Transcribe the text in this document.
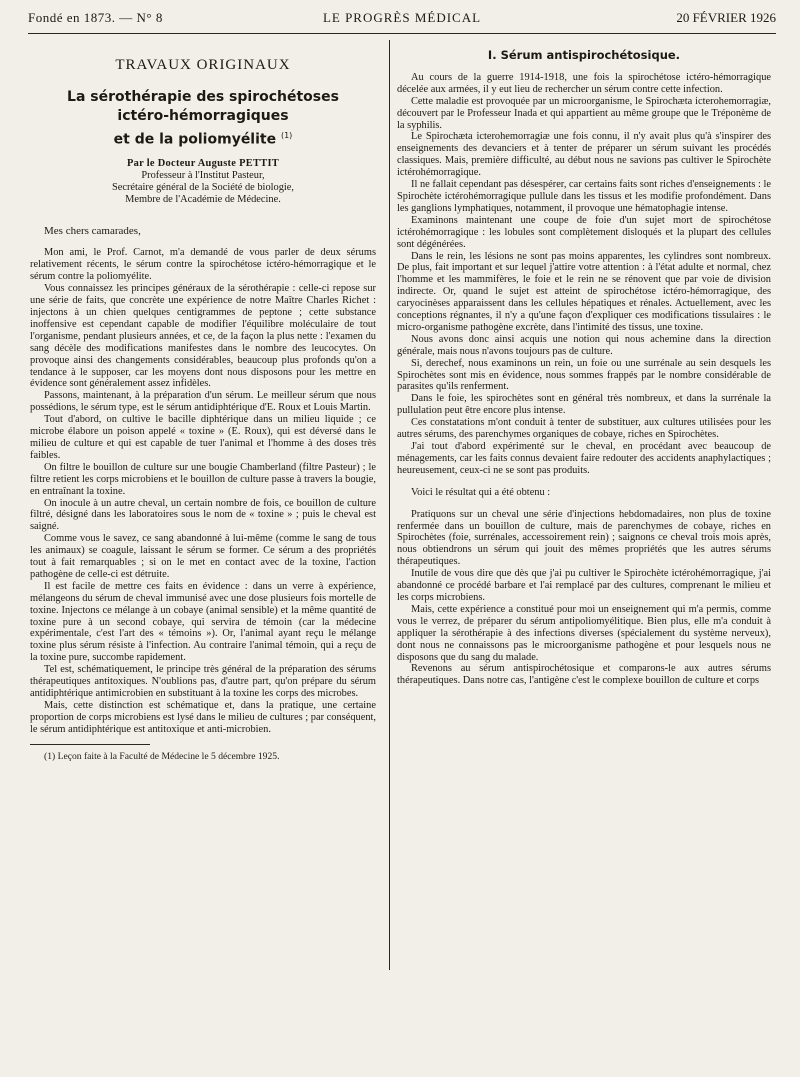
Fondé en 1873. — N° 8	LE PROGRÈS MÉDICAL	20 FÉVRIER 1926
TRAVAUX ORIGINAUX
La sérothérapie des spirochétoses
ictéro-hémorragiques
et de la poliomyélite $^{(1)}$
Par le Docteur Auguste PETTIT
Professeur à l'Institut Pasteur,
Secrétaire général de la Société de biologie,
Membre de l'Académie de Médecine.
Mes chers camarades,

Mon ami, le Prof. Carnot, m'a demandé de vous parler de deux sérums relativement récents, le sérum contre la spirochétose ictéro-hémorragique et le sérum contre la poliomyélite.

Vous connaissez les principes généraux de la sérothérapie : celle-ci repose sur une série de faits, que concrète une expérience de notre Maître Charles Richet : injectons à un chien quelques centigrammes de peptone ; cette substance inoffensive est cependant capable de modifier l'équilibre moléculaire de tout l'organisme, pendant plusieurs années, et ce, de la façon la plus nette : l'examen du sang décèle des modifications manifestes dans le nombre des leucocytes. On provoque ainsi des changements considérables, beaucoup plus profonds qu'on a tendance à le supposer, car les moyens dont nous disposons pour les mettre en évidence sont généralement assez infidèles.

Passons, maintenant, à la préparation d'un sérum. Le meilleur sérum que nous possédions, le sérum type, est le sérum antidiphtérique d'E. Roux et Louis Martin.

Tout d'abord, on cultive le bacille diphtérique dans un milieu liquide ; ce microbe élabore un poison appelé « toxine » (E. Roux), qui est déversé dans le milieu de culture et qui est capable de tuer l'animal et l'homme à des doses très faibles.

On filtre le bouillon de culture sur une bougie Chamberland (filtre Pasteur) ; le filtre retient les corps microbiens et le bouillon de culture passe à travers la bougie, en entraînant la toxine.

On inocule à un autre cheval, un certain nombre de fois, ce bouillon de culture filtré, désigné dans les laboratoires sous le nom de « toxine » ; puis le cheval est saigné.

Comme vous le savez, ce sang abandonné à lui-même (comme le sang de tous les animaux) se coagule, laissant le sérum se former. Ce sérum a des propriétés tout à fait remarquables ; si on le met en contact avec de la toxine, l'action pathogène de celle-ci est détruite.

Il est facile de mettre ces faits en évidence : dans un verre à expérience, mélangeons du sérum de cheval immunisé avec une dose plusieurs fois mortelle de toxine. Injectons ce mélange à un cobaye (animal sensible) et la même quantité de toxine pure à un second cobaye, qui servira de témoin (car la médecine expérimentale, c'est l'art des « témoins »). Or, l'animal ayant reçu le mélange toxine plus sérum résiste à l'infection. Au contraire l'animal témoin, qui a reçu de la toxine pure, succombe rapidement.

Tel est, schématiquement, le principe très général de la préparation des sérums thérapeutiques antitoxiques. N'oublions pas, d'autre part, qu'on prépare du sérum antidiphtérique antimicrobien en substituant à la toxine les corps des microbes.

Mais, cette distinction est schématique et, dans la pratique, une certaine proportion de corps microbiens est lysé dans le milieu de cultures ; par conséquent, le sérum antidiphtérique est antitoxique et anti-microbien.

(1) Leçon faite à la Faculté de Médecine le 5 décembre 1925.

I. Sérum antispirochétosique.

Au cours de la guerre 1914-1918, une fois la spirochétose ictéro-hémorragique décelée aux armées, il y eut lieu de rechercher un sérum contre cette infection.

Cette maladie est provoquée par un microorganisme, le Spirochæta icterohemorragiæ, découvert par le Professeur Inada et qui appartient au même groupe que le Tréponème de la syphilis.

Le Spirochæta icterohemorragiæ une fois connu, il n'y avait plus qu'à s'inspirer des enseignements des devanciers et à tenter de préparer un sérum suivant les procédés classiques. Mais, première difficulté, au début nous ne savions pas cultiver le Spirochète ictérohémorragique.

Il ne fallait cependant pas désespérer, car certains faits sont riches d'enseignements : le Spirochète ictérohémorragique pullule dans les tissus et les modifie profondément. Dans les ganglions lymphatiques, notamment, il provoque une hématophagie intense.

Examinons maintenant une coupe de foie d'un sujet mort de spirochétose ictérohémorragique : les lobules sont complètement disloqués et la plupart des cellules sont dégénérées.

Dans le rein, les lésions ne sont pas moins apparentes, les cylindres sont nombreux. De plus, fait important et sur lequel j'attire votre attention : à l'état adulte et normal, chez l'homme et les mammifères, le foie et le rein ne se rénovent que par voie de division indirecte. Or, quand le sujet est atteint de spirochétose ictéro-hémorragique, des caryocinèses apparaissent dans les cellules hépatiques et rénales. Actuellement, avec les conceptions régnantes, il n'y a qu'une façon d'expliquer ces modifications tissulaires : le micro-organisme pathogène excrète, dans l'intimité des tissus, une toxine.

Nous avons donc ainsi acquis une notion qui nous achemine dans la direction générale, mais nous n'avons toujours pas de culture.

Si, derechef, nous examinons un rein, un foie ou une surrénale au sein desquels les Spirochètes sont mis en évidence, nous sommes frappés par le nombre considérable de parasites qu'ils renferment.

Dans le foie, les spirochètes sont en général très nombreux, et dans la surrénale la pullulation peut être encore plus intense.

Ces constatations m'ont conduit à tenter de substituer, aux cultures utilisées pour les autres sérums, des parenchymes organiques de cobaye, riches en Spirochètes.

J'ai tout d'abord expérimenté sur le cheval, en procédant avec beaucoup de ménagements, car les faits connus devaient faire redouter des accidents anaphylactiques ; heureusement, ceux-ci ne se sont pas produits.

Voici le résultat qui a été obtenu :

Pratiquons sur un cheval une série d'injections hebdomadaires, non plus de toxine renfermée dans un bouillon de culture, mais de parenchymes de cobaye, riches en Spirochètes (foie, surrénales, accessoirement rein) ; saignons ce cheval trois mois après, nous obtiendrons un sérum qui jouit des mêmes propriétés que les autres sérums thérapeutiques.

Inutile de vous dire que dès que j'ai pu cultiver le Spirochète ictérohémorragique, j'ai abandonné ce procédé barbare et l'ai remplacé par des cultures, comprenant le milieu et les corps microbiens.

Mais, cette expérience a constitué pour moi un enseignement qui m'a permis, comme vous le verrez, de préparer du sérum antipoliomyélitique. Bien plus, elle m'a conduit à appliquer la sérothérapie à des infections diverses (spécialement du système nerveux), dont nous ne connaissons pas le microorganisme pathogène et pour lesquels nous ne disposons que du sang du malade.

Revenons au sérum antispirochétosique et comparons-le aux autres sérums thérapeutiques. Dans notre cas, l'antigène c'est le complexe bouillon de culture et corps
